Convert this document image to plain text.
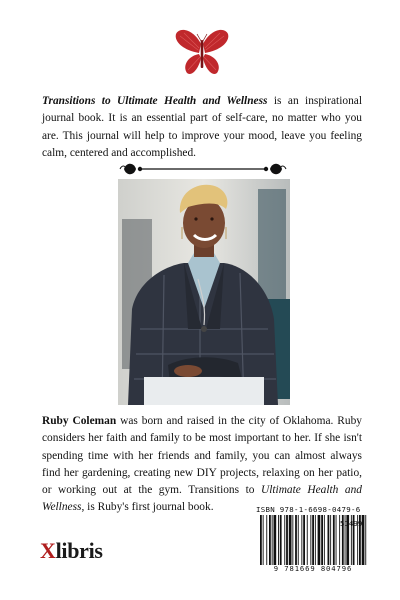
Transitions to Ultimate Health and Wellness is an inspirational journal book. It is an essential part of self-care, no matter who you are. This journal will help to improve your mood, leave you feeling calm, centered and accomplished.

Ruby Coleman was born and raised in the city of Oklahoma. Ruby considers her faith and family to be most important to her. If she isn't spending time with her friends and family, you can almost always find her gardening, creating new DIY projects, relaxing on her patio, or working out at the gym. Transitions to Ultimate Health and Wellness, is Ruby's first journal book.

Xlibris
ISBN 978-1-6698-0479-6
9 781669 804796
51499
